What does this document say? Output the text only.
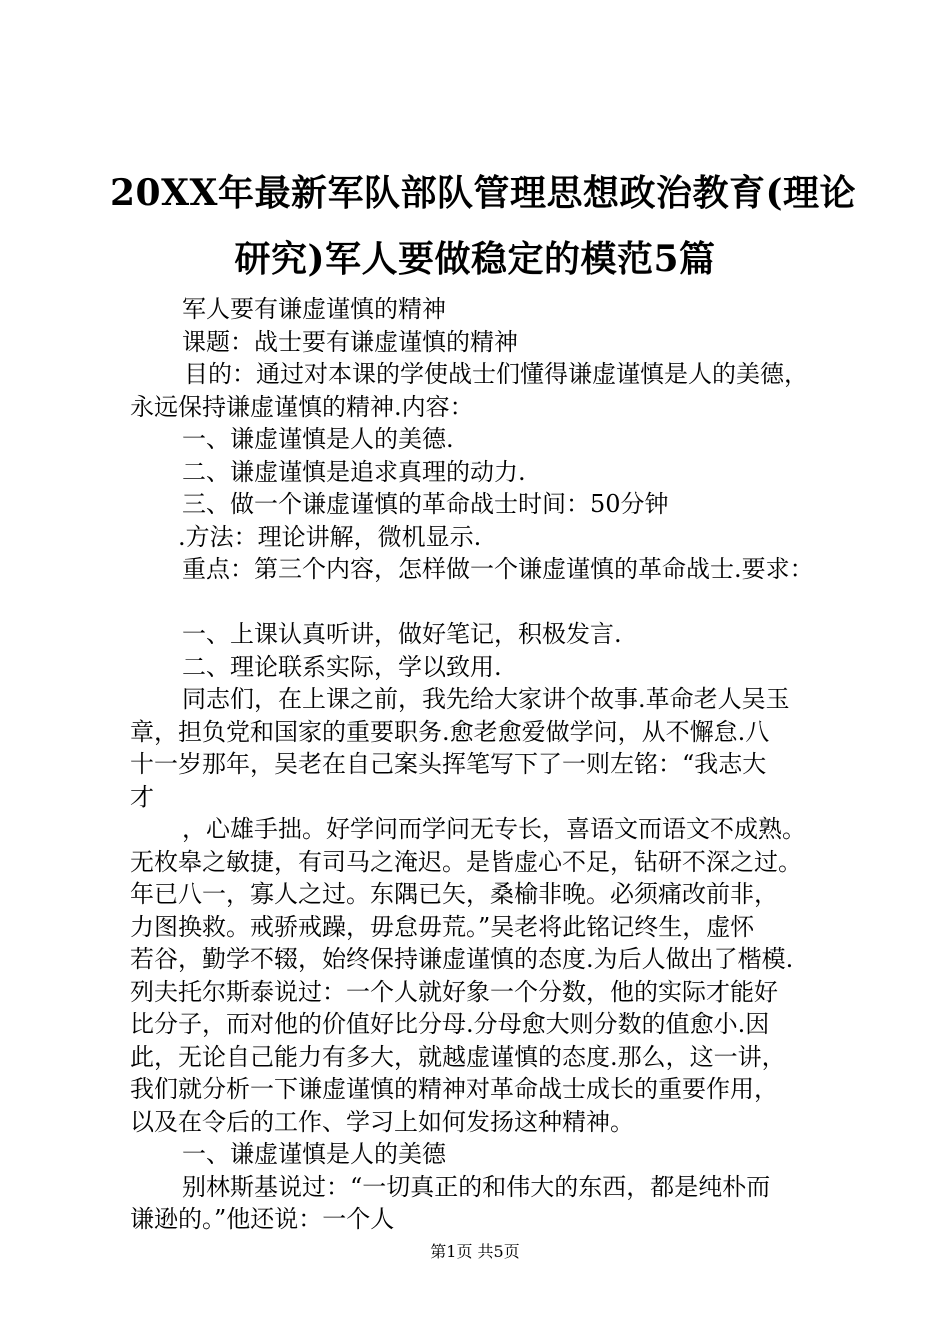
20XX年最新军队部队管理思想政治教育(理论
研究)军人要做稳定的模范5篇
军人要有谦虚谨慎的精神
课题：战士要有谦虚谨慎的精神
目的：通过对本课的学使战士们懂得谦虚谨慎是人的美德，
永远保持谦虚谨慎的精神.内容：
一、谦虚谨慎是人的美德.
二、谦虚谨慎是追求真理的动力.
三、做一个谦虚谨慎的革命战士时间：50分钟
.方法：理论讲解，微机显示.
重点：第三个内容，怎样做一个谦虚谨慎的革命战士.要求：
一、上课认真听讲，做好笔记，积极发言.
二、理论联系实际，学以致用.
同志们，在上课之前，我先给大家讲个故事.革命老人吴玉
章，担负党和国家的重要职务.愈老愈爱做学问，从不懈怠.八
十一岁那年，吴老在自己案头挥笔写下了一则左铭：“我志大
才
，心雄手拙。好学问而学问无专长，喜语文而语文不成熟。
无枚皋之敏捷，有司马之淹迟。是皆虚心不足，钻研不深之过。
年已八一，寡人之过。东隅已矢，桑榆非晚。必须痛改前非，
力图换救。戒骄戒躁，毋怠毋荒。”吴老将此铭记终生，虚怀
若谷，勤学不辍，始终保持谦虚谨慎的态度.为后人做出了楷模.
列夫托尔斯泰说过：一个人就好象一个分数，他的实际才能好
比分子，而对他的价值好比分母.分母愈大则分数的值愈小.因
此，无论自己能力有多大，就越虚谨慎的态度.那么，这一讲，
我们就分析一下谦虚谨慎的精神对革命战士成长的重要作用，
以及在令后的工作、学习上如何发扬这种精神。
一、谦虚谨慎是人的美德
别林斯基说过：“一切真正的和伟大的东西，都是纯朴而
谦逊的。”他还说：一个人
第1页 共5页
